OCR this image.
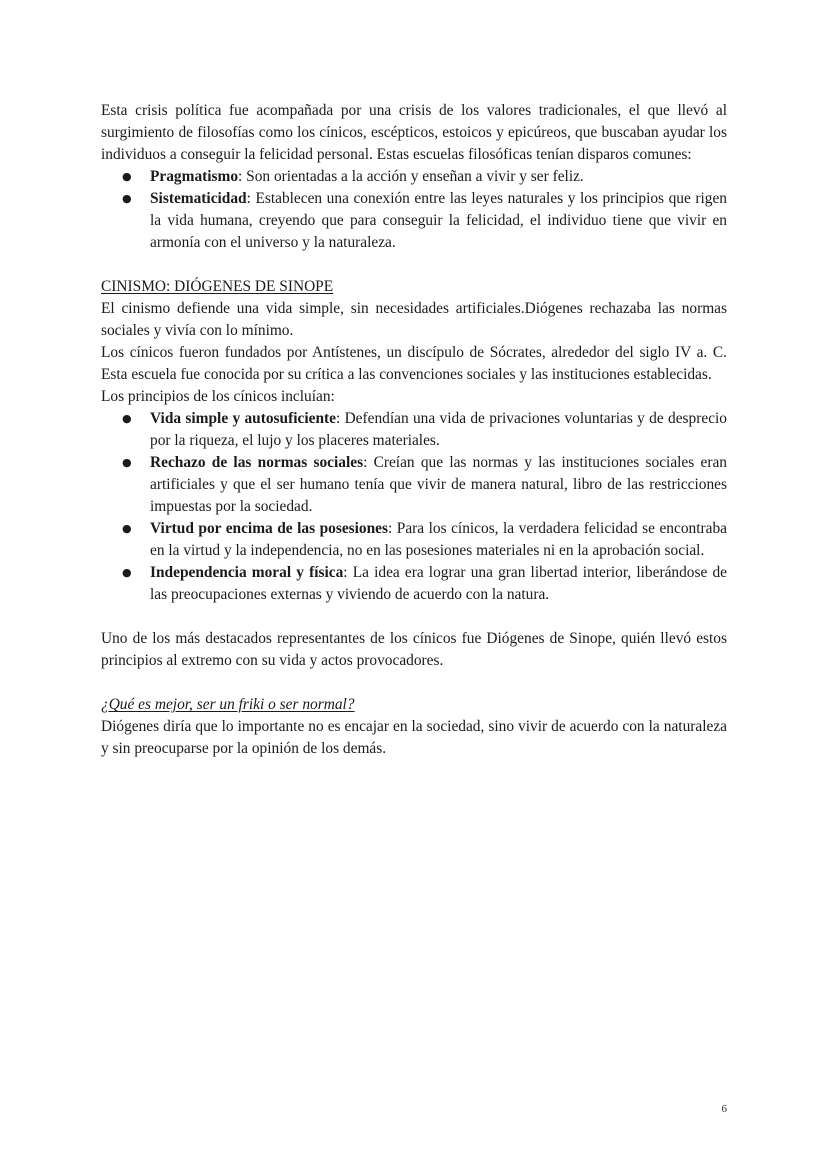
Esta crisis política fue acompañada por una crisis de los valores tradicionales, el que llevó al surgimiento de filosofías como los cínicos, escépticos, estoicos y epicúreos, que buscaban ayudar los individuos a conseguir la felicidad personal. Estas escuelas filosóficas tenían disparos comunes:

● Pragmatismo: Son orientadas a la acción y enseñan a vivir y ser feliz.
● Sistematicidad: Establecen una conexión entre las leyes naturales y los principios que rigen la vida humana, creyendo que para conseguir la felicidad, el individuo tiene que vivir en armonía con el universo y la naturaleza.

CINISMO: DIÓGENES DE SINOPE

El cinismo defiende una vida simple, sin necesidades artificiales.Diógenes rechazaba las normas sociales y vivía con lo mínimo.

Los cínicos fueron fundados por Antístenes, un discípulo de Sócrates, alrededor del siglo IV a. C. Esta escuela fue conocida por su crítica a las convenciones sociales y las instituciones establecidas.

Los principios de los cínicos incluían:

● Vida simple y autosuficiente: Defendían una vida de privaciones voluntarias y de desprecio por la riqueza, el lujo y los placeres materiales.
● Rechazo de las normas sociales: Creían que las normas y las instituciones sociales eran artificiales y que el ser humano tenía que vivir de manera natural, libro de las restricciones impuestas por la sociedad.
● Virtud por encima de las posesiones: Para los cínicos, la verdadera felicidad se encontraba en la virtud y la independencia, no en las posesiones materiales ni en la aprobación social.
● Independencia moral y física: La idea era lograr una gran libertad interior, liberándose de las preocupaciones externas y viviendo de acuerdo con la natura.

Uno de los más destacados representantes de los cínicos fue Diógenes de Sinope, quién llevó estos principios al extremo con su vida y actos provocadores.

¿Qué es mejor, ser un friki o ser normal?

Diógenes diría que lo importante no es encajar en la sociedad, sino vivir de acuerdo con la naturaleza y sin preocuparse por la opinión de los demás.

6
